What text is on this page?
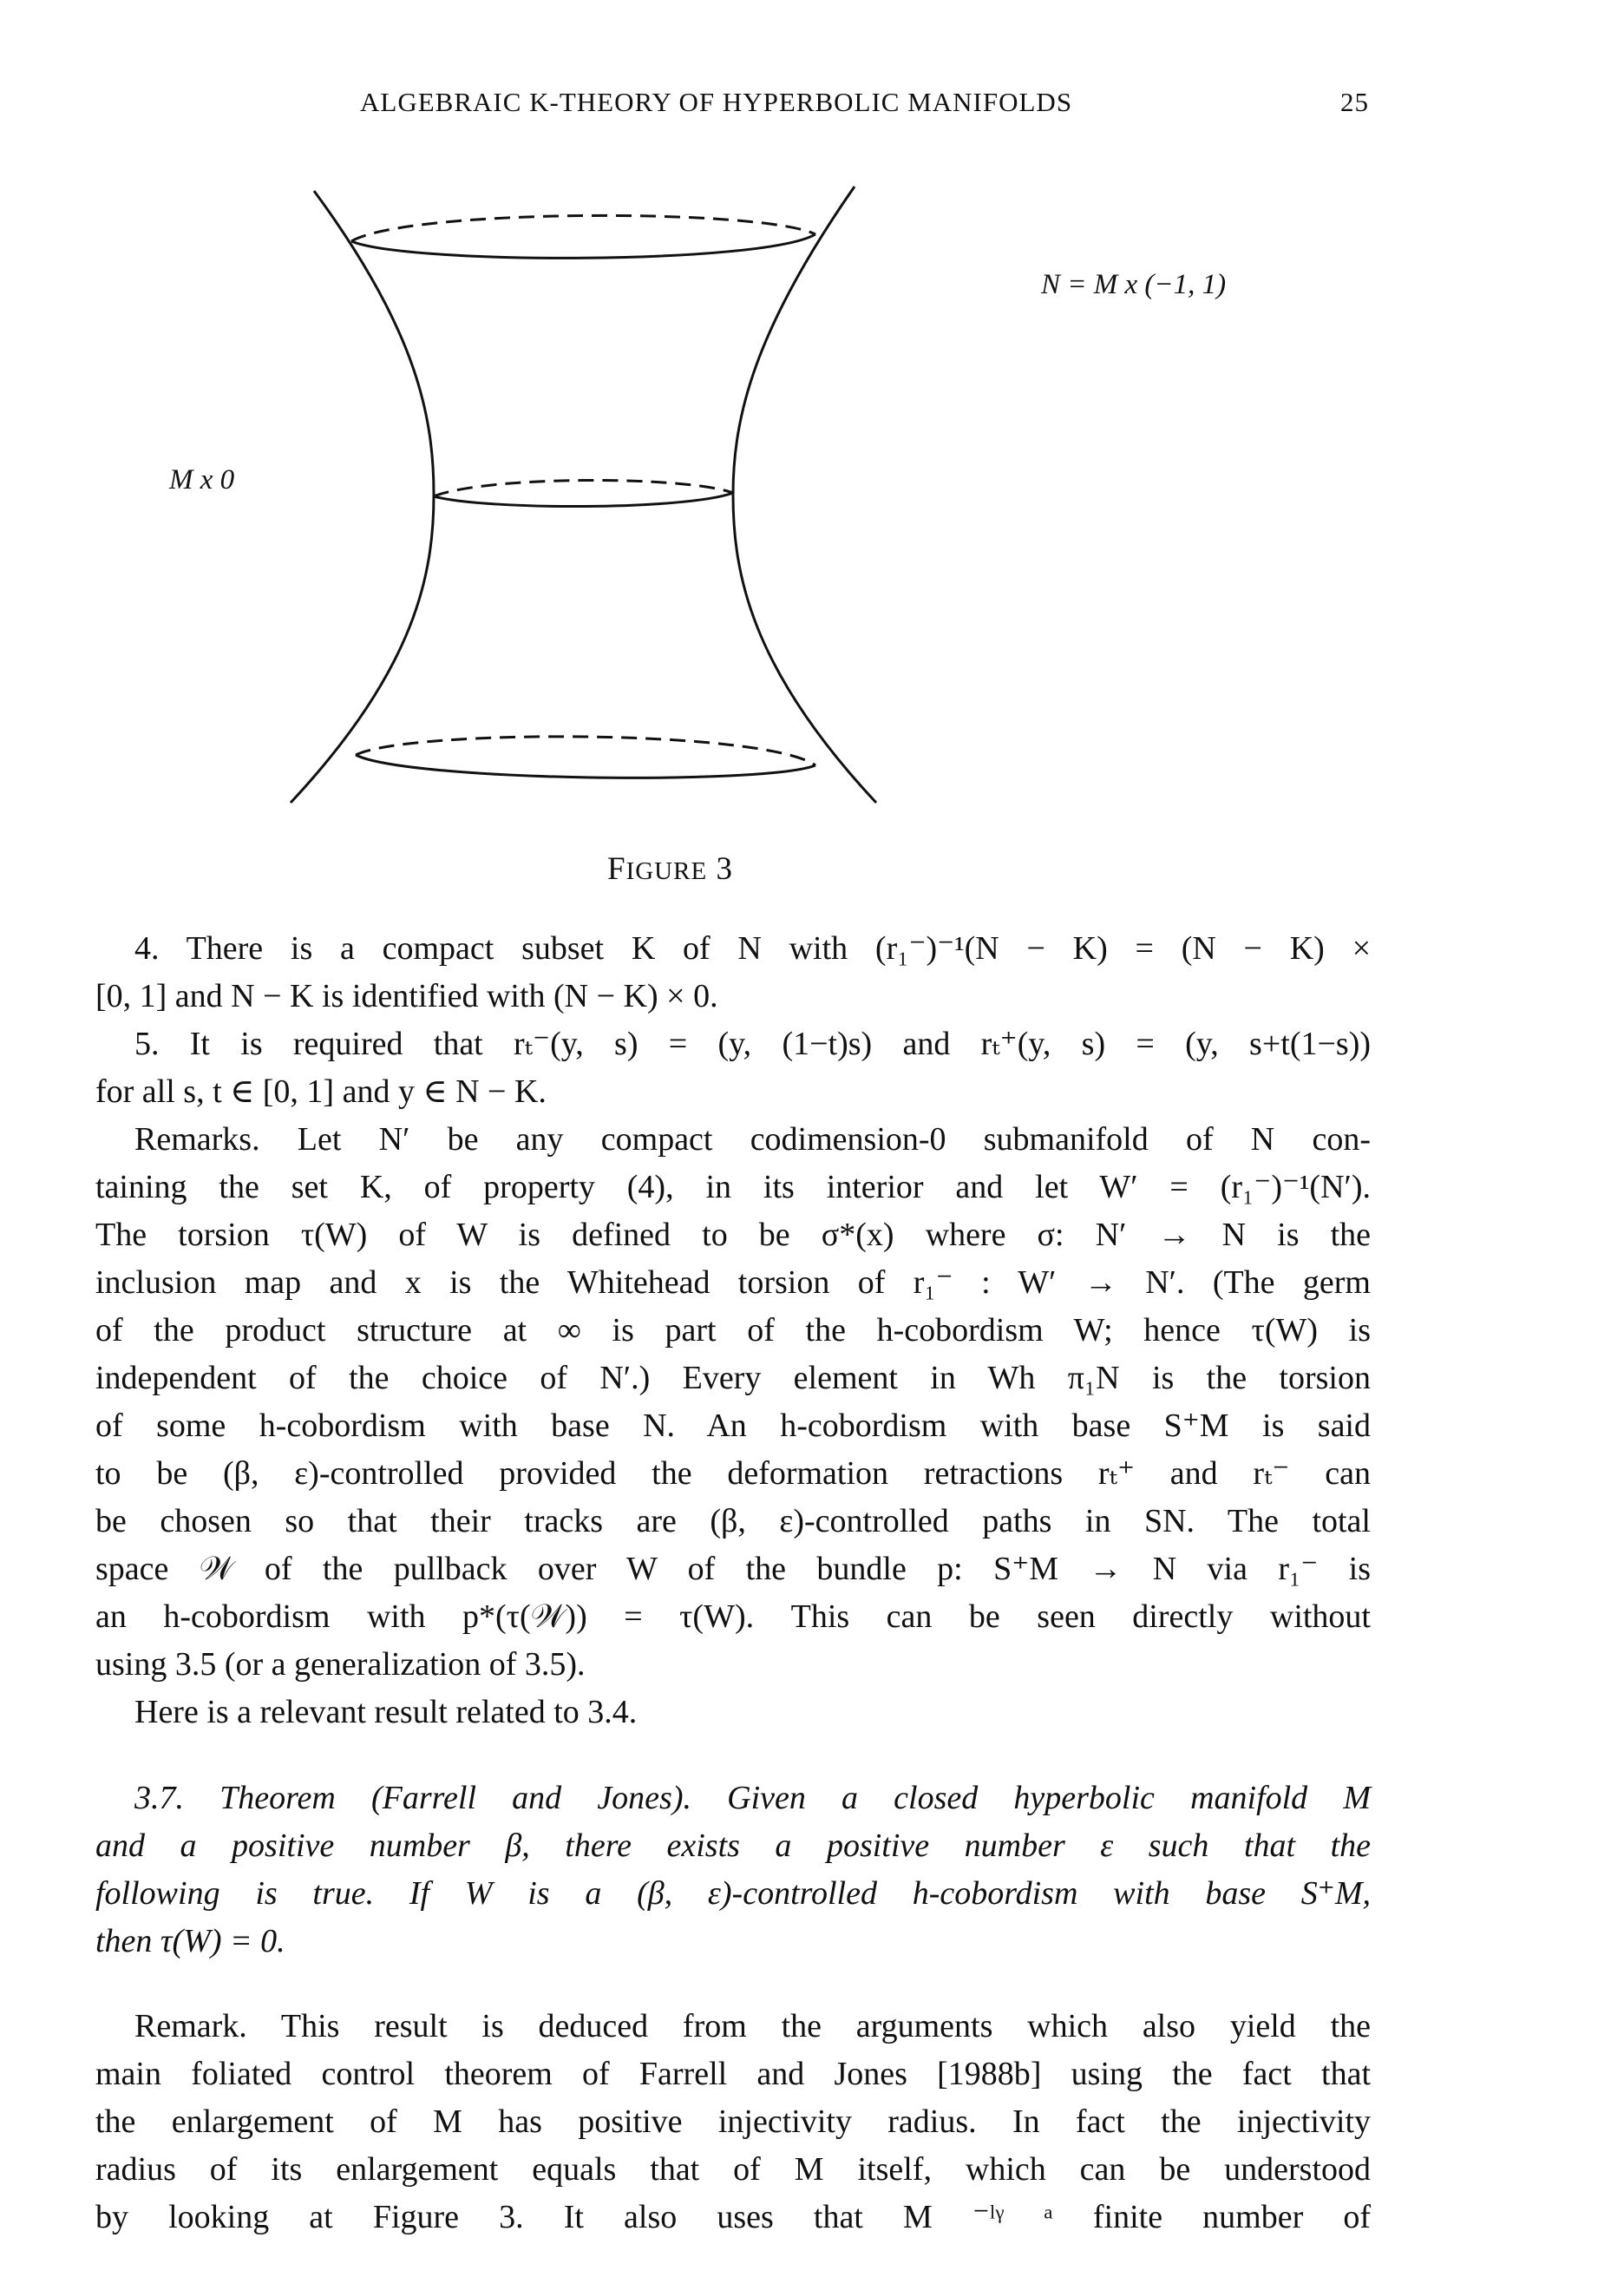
ALGEBRAIC K-THEORY OF HYPERBOLIC MANIFOLDS	25
N = M x (−1, 1)
M x 0
FIGURE 3
4. There is a compact subset K of N with (r₁⁻)⁻¹(N − K) = (N − K) ×
[0, 1] and N − K is identified with (N − K) × 0.
5. It is required that rₜ⁻(y, s) = (y, (1−t)s) and rₜ⁺(y, s) = (y, s+t(1−s))
for all s, t ∈ [0, 1] and y ∈ N − K.
Remarks. Let N′ be any compact codimension-0 submanifold of N con-
taining the set K, of property (4), in its interior and let W′ = (r₁⁻)⁻¹(N′).
The torsion τ(W) of W is defined to be σ*(x) where σ: N′ → N is the
inclusion map and x is the Whitehead torsion of r₁⁻ : W′ → N′. (The germ
of the product structure at ∞ is part of the h-cobordism W; hence τ(W) is
independent of the choice of N′.) Every element in Wh π₁N is the torsion
of some h-cobordism with base N. An h-cobordism with base S⁺M is said
to be (β, ε)-controlled provided the deformation retractions rₜ⁺ and rₜ⁻ can
be chosen so that their tracks are (β, ε)-controlled paths in SN. The total
space 𝒲 of the pullback over W of the bundle p: S⁺M → N via r₁⁻ is
an h-cobordism with p*(τ(𝒲)) = τ(W). This can be seen directly without
using 3.5 (or a generalization of 3.5).
Here is a relevant result related to 3.4.
3.7. Theorem (Farrell and Jones). Given a closed hyperbolic manifold M
and a positive number β, there exists a positive number ε such that the
following is true. If W is a (β, ε)-controlled h-cobordism with base S⁺M,
then τ(W) = 0.
Remark. This result is deduced from the arguments which also yield the
main foliated control theorem of Farrell and Jones [1988b] using the fact that
the enlargement of M has positive injectivity radius. In fact the injectivity
radius of its enlargement equals that of M itself, which can be understood
by looking at Figure 3. It also uses that M ⁻ˡᵞ ᵃ finite number of
